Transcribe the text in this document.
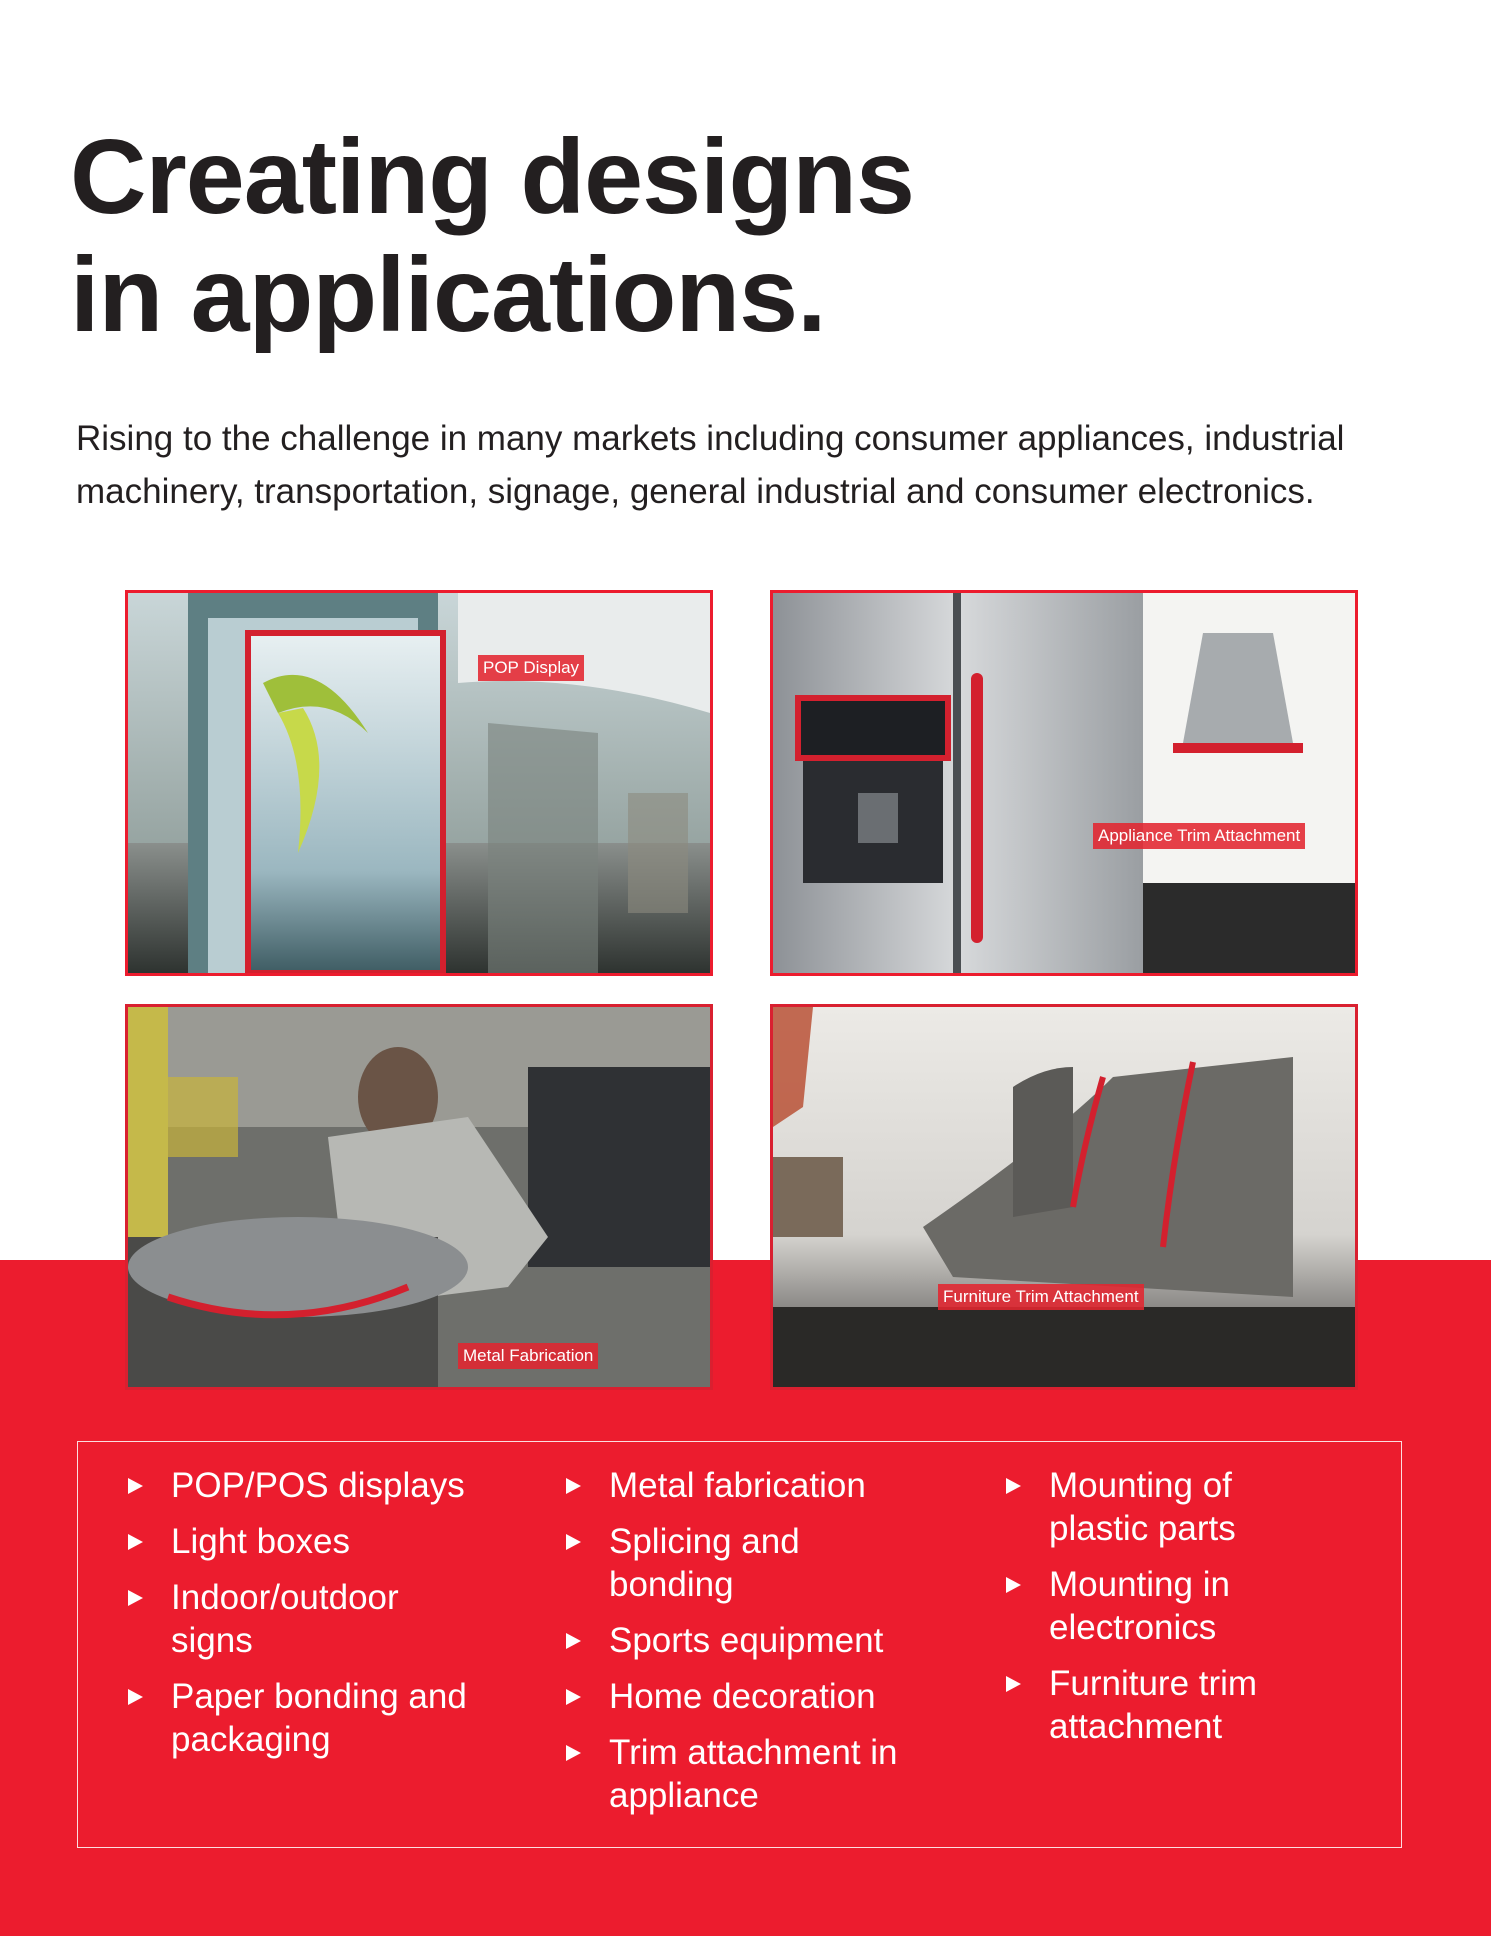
Creating designs
in applications.

Rising to the challenge in many markets including consumer appliances, industrial machinery, transportation, signage, general industrial and consumer electronics.

POP Display
Appliance Trim Attachment
Metal Fabrication
Furniture Trim Attachment
POP/POS displays
Light boxes
Indoor/outdoor signs
Paper bonding and packaging
Metal fabrication
Splicing and bonding
Sports equipment
Home decoration
Trim attachment in appliance
Mounting of plastic parts
Mounting in electronics
Furniture trim attachment
